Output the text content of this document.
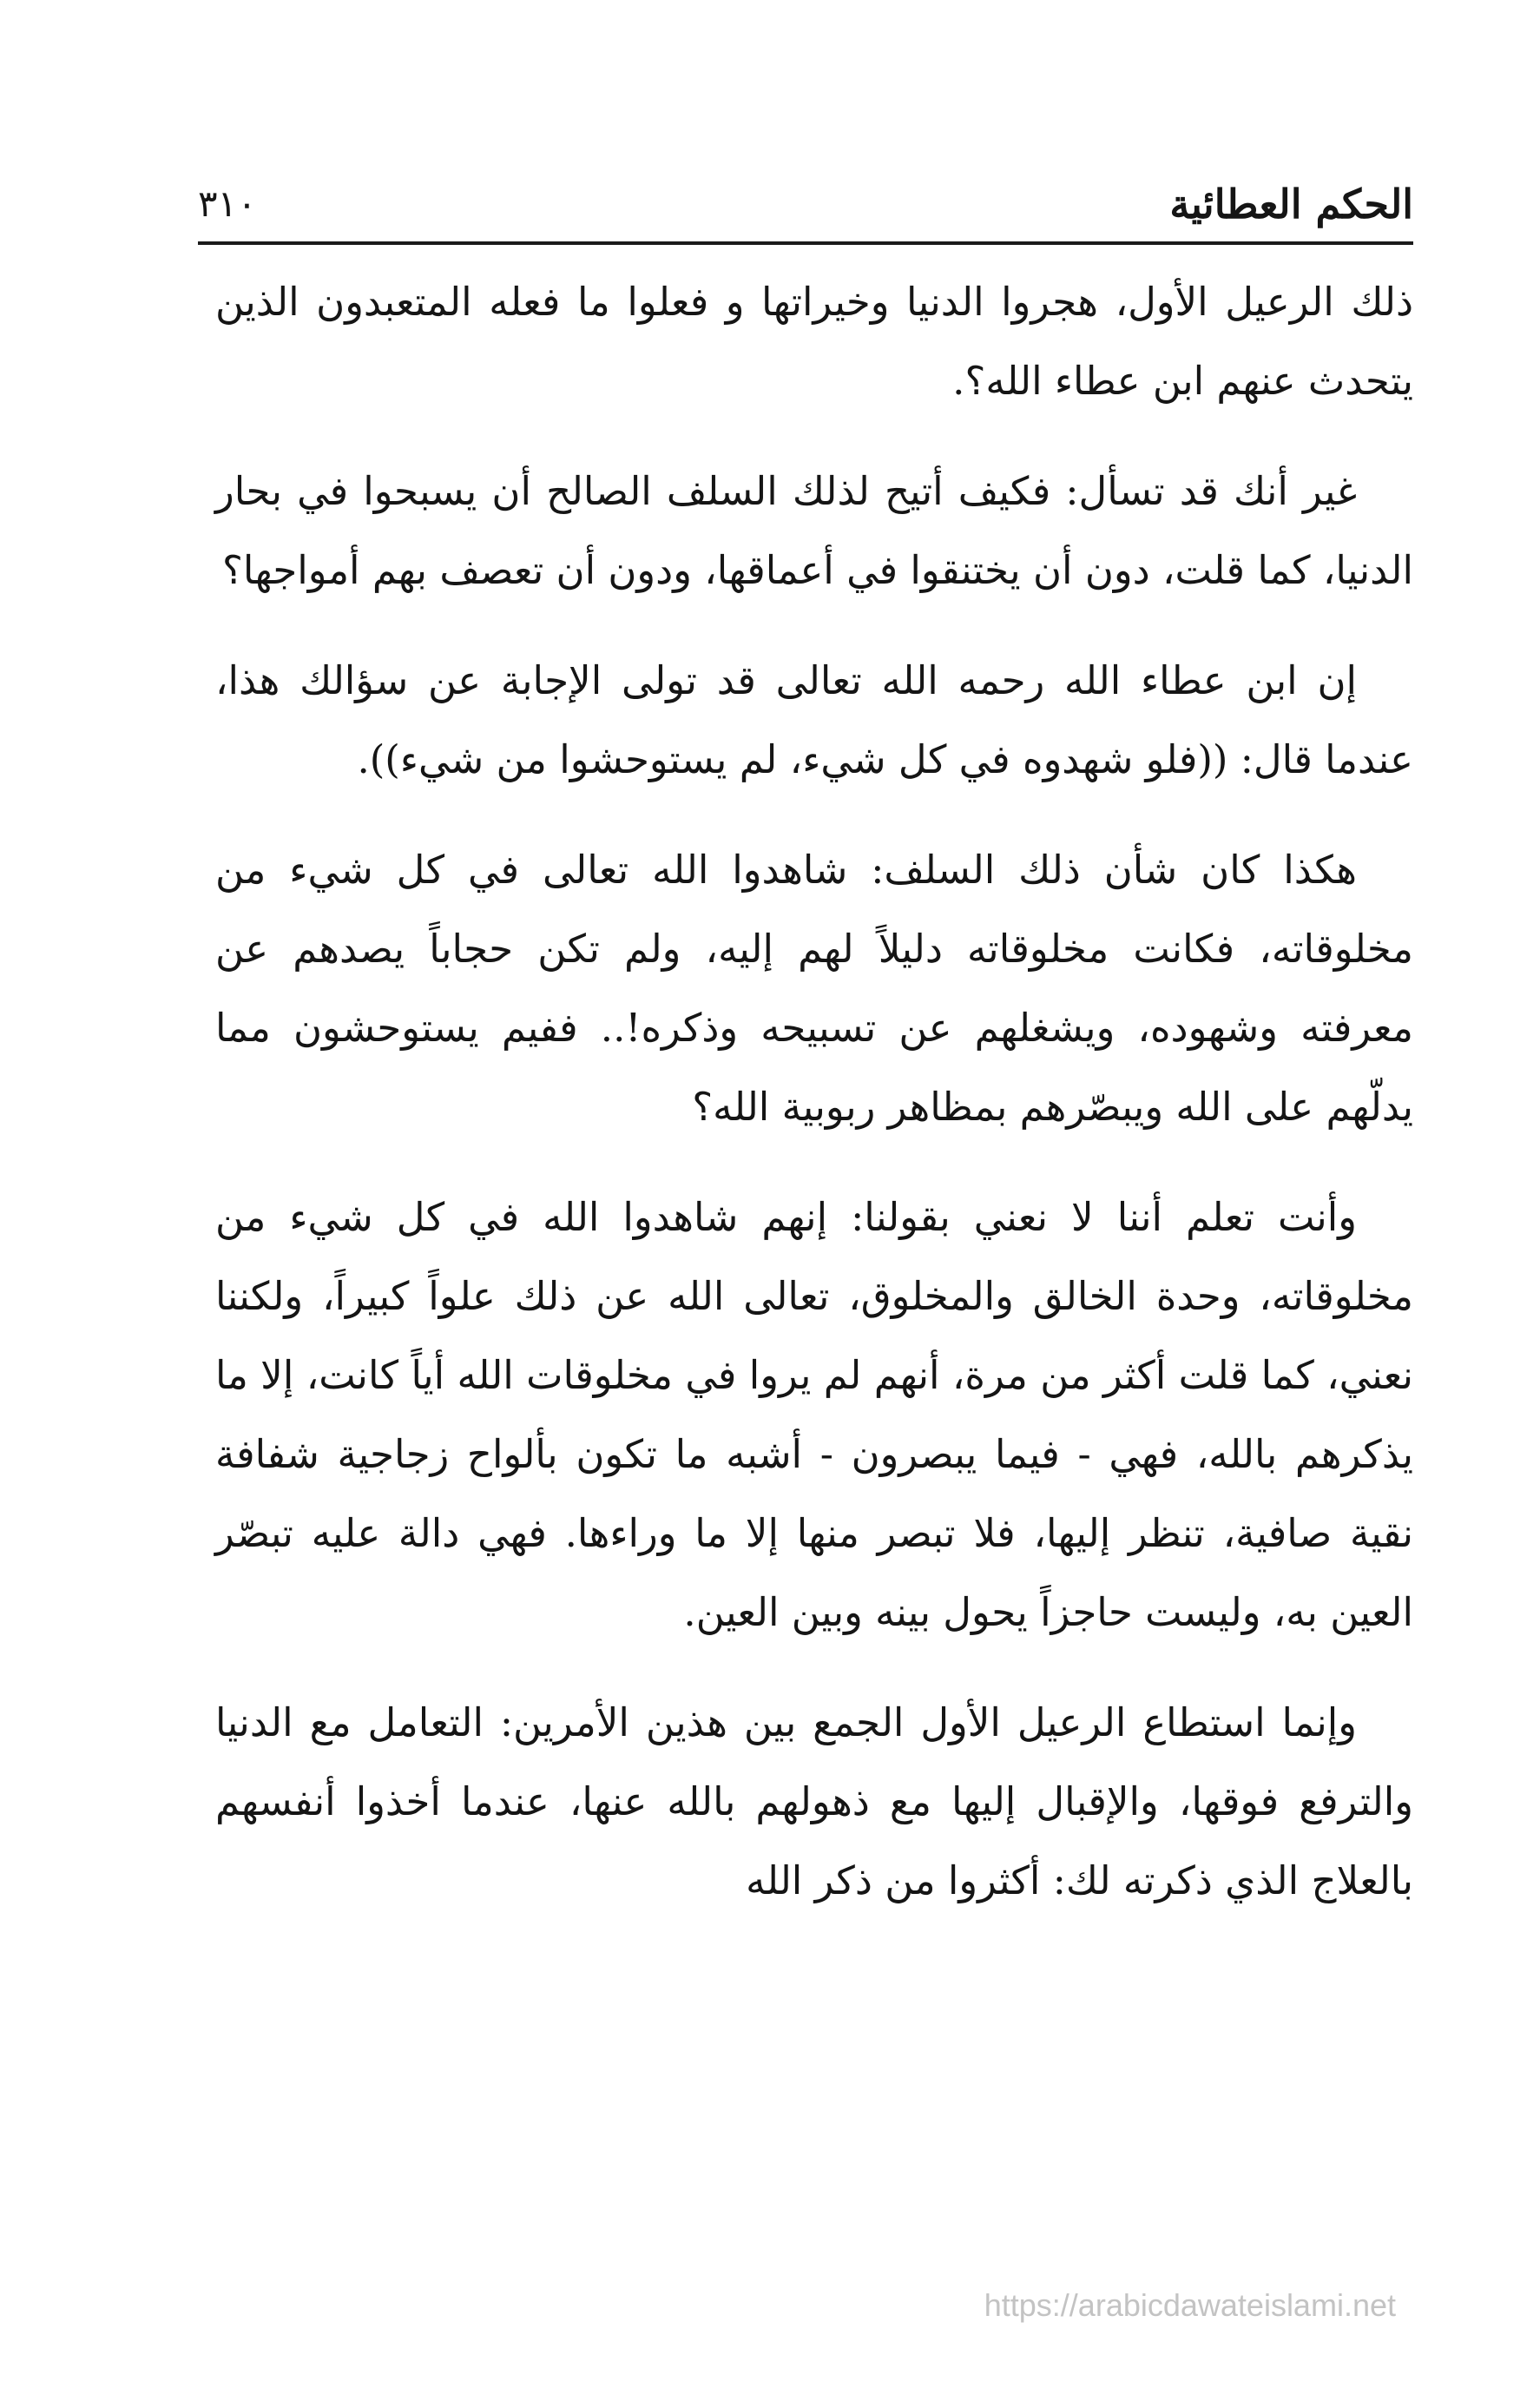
الحكم العطائية
٣١٠

ذلك الرعيل الأول، هجروا الدنيا وخيراتها و فعلوا ما فعله المتعبدون الذين يتحدث عنهم ابن عطاء الله؟.

غير أنك قد تسأل: فكيف أتيح لذلك السلف الصالح أن يسبحوا في بحار الدنيا، كما قلت، دون أن يختنقوا في أعماقها، ودون أن تعصف بهم أمواجها؟

إن ابن عطاء الله رحمه الله تعالى قد تولى الإجابة عن سؤالك هذا، عندما قال: ((فلو شهدوه في كل شيء، لم يستوحشوا من شيء)).

هكذا كان شأن ذلك السلف: شاهدوا الله تعالى في كل شيء من مخلوقاته، فكانت مخلوقاته دليلاً لهم إليه، ولم تكن حجاباً يصدهم عن معرفته وشهوده، ويشغلهم عن تسبيحه وذكره!.. ففيم يستوحشون مما يدلّهم على الله ويبصّرهم بمظاهر ربوبية الله؟

وأنت تعلم أننا لا نعني بقولنا: إنهم شاهدوا الله في كل شيء من مخلوقاته، وحدة الخالق والمخلوق، تعالى الله عن ذلك علواً كبيراً، ولكننا نعني، كما قلت أكثر من مرة، أنهم لم يروا في مخلوقات الله أياً كانت، إلا ما يذكرهم بالله، فهي - فيما يبصرون - أشبه ما تكون بألواح زجاجية شفافة نقية صافية، تنظر إليها، فلا تبصر منها إلا ما وراءها. فهي دالة عليه تبصّر العين به، وليست حاجزاً يحول بينه وبين العين.

وإنما استطاع الرعيل الأول الجمع بين هذين الأمرين: التعامل مع الدنيا والترفع فوقها، والإقبال إليها مع ذهولهم بالله عنها، عندما أخذوا أنفسهم بالعلاج الذي ذكرته لك: أكثروا من ذكر الله

https://arabicdawateislami.net
